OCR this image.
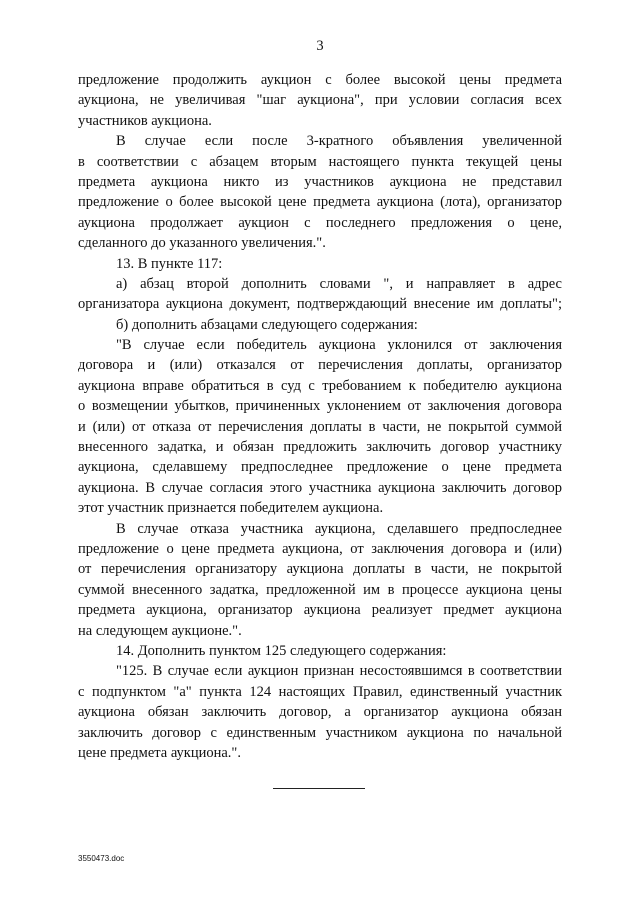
3
предложение продолжить аукцион с более высокой цены предмета
аукциона, не увеличивая "шаг аукциона", при условии согласия всех
участников аукциона.
В случае если после 3-кратного объявления увеличенной
в соответствии с абзацем вторым настоящего пункта текущей цены
предмета аукциона никто из участников аукциона не представил
предложение о более высокой цене предмета аукциона (лота), организатор
аукциона продолжает аукцион с последнего предложения о цене,
сделанного до указанного увеличения.".
13. В пункте 117:
а) абзац второй дополнить словами ", и направляет в адрес
организатора аукциона документ, подтверждающий внесение им доплаты";
б) дополнить абзацами следующего содержания:
"В случае если победитель аукциона уклонился от заключения
договора и (или) отказался от перечисления доплаты, организатор
аукциона вправе обратиться в суд с требованием к победителю аукциона
о возмещении убытков, причиненных уклонением от заключения договора
и (или) от отказа от перечисления доплаты в части, не покрытой суммой
внесенного задатка, и обязан предложить заключить договор участнику
аукциона, сделавшему предпоследнее предложение о цене предмета
аукциона. В случае согласия этого участника аукциона заключить договор
этот участник признается победителем аукциона.
В случае отказа участника аукциона, сделавшего предпоследнее
предложение о цене предмета аукциона, от заключения договора и (или)
от перечисления организатору аукциона доплаты в части, не покрытой
суммой внесенного задатка, предложенной им в процессе аукциона цены
предмета аукциона, организатор аукциона реализует предмет аукциона
на следующем аукционе.".
14. Дополнить пунктом 125 следующего содержания:
"125. В случае если аукцион признан несостоявшимся в соответствии
с подпунктом "а" пункта 124 настоящих Правил, единственный участник
аукциона обязан заключить договор, а организатор аукциона обязан
заключить договор с единственным участником аукциона по начальной
цене предмета аукциона.".
3550473.doc
